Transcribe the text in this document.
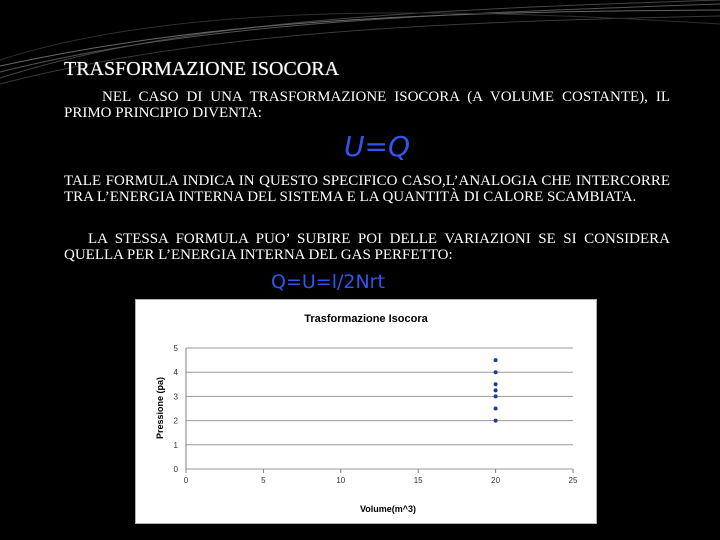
TRASFORMAZIONE ISOCORA
NEL CASO DI UNA TRASFORMAZIONE ISOCORA (A VOLUME COSTANTE), IL PRIMO PRINCIPIO DIVENTA:
U=Q
TALE FORMULA INDICA IN QUESTO SPECIFICO CASO,L’ANALOGIA CHE INTERCORRE TRA L’ENERGIA INTERNA DEL SISTEMA E LA QUANTITÀ DI CALORE SCAMBIATA.
LA STESSA FORMULA PUO’ SUBIRE POI DELLE VARIAZIONI SE SI CONSIDERA QUELLA PER L’ENERGIA INTERNA DEL GAS PERFETTO:
Q=U=l/2Nrt
Trasformazione Isocora
Pressione (pa)
Volume(m^3)
0
1
2
3
4
5
0	5	10	15	20	25
